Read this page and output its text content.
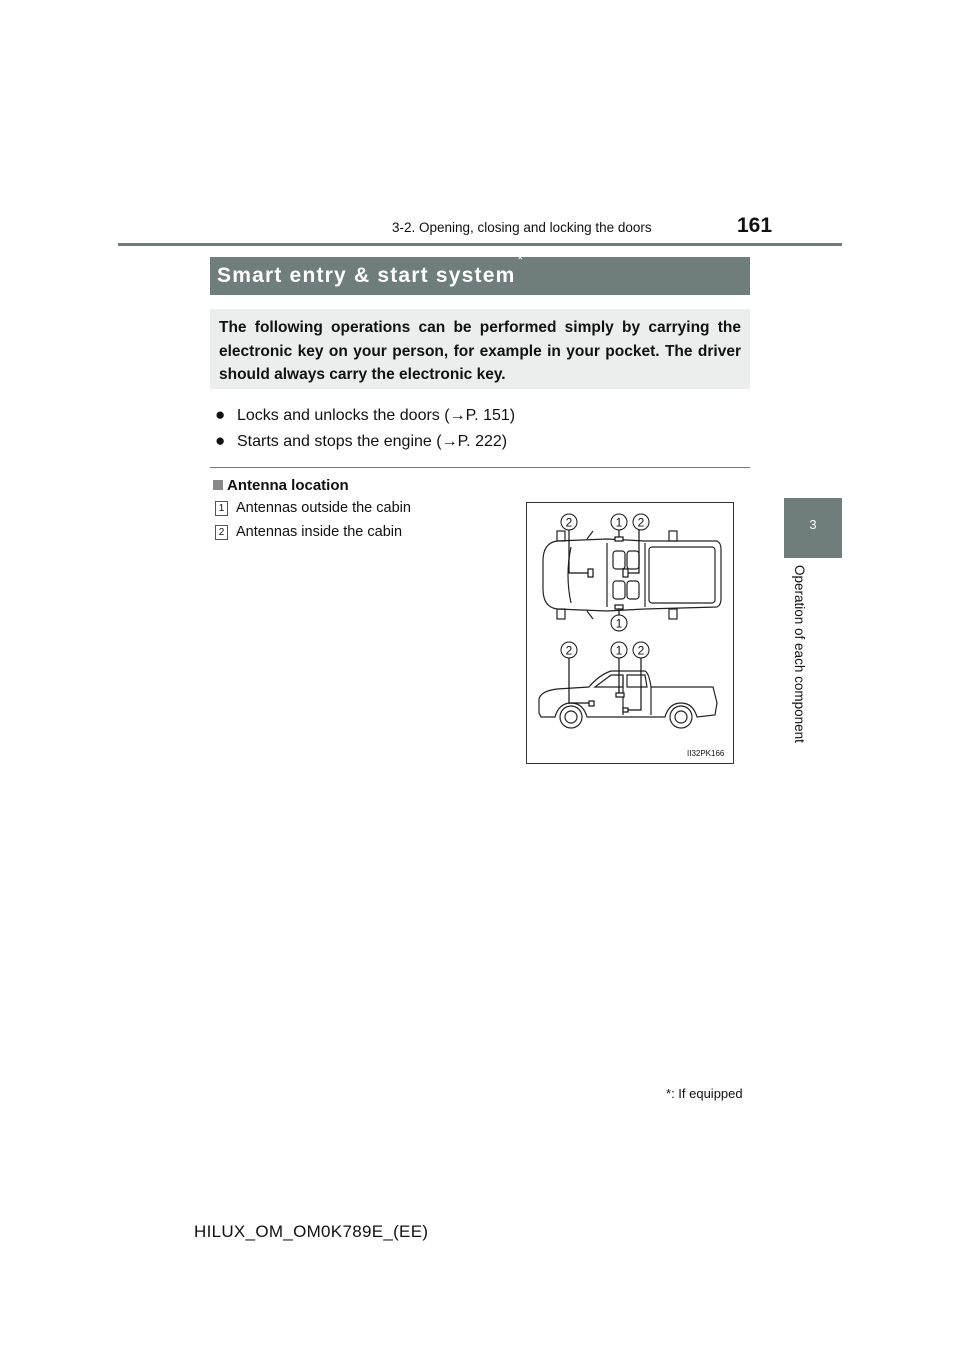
3-2. Opening, closing and locking the doors	161
3
Operation of each component
Smart entry & start system*
The following operations can be performed simply by carrying the electronic key on your person, for example in your pocket. The driver should always carry the electronic key.
● Locks and unlocks the doors (→P. 151)
● Starts and stops the engine (→P. 222)
Antenna location
1 Antennas outside the cabin
2 Antennas inside the cabin
2	1 2
1
2	1 2
II32PK166
*: If equipped
HILUX_OM_OM0K789E_(EE)
